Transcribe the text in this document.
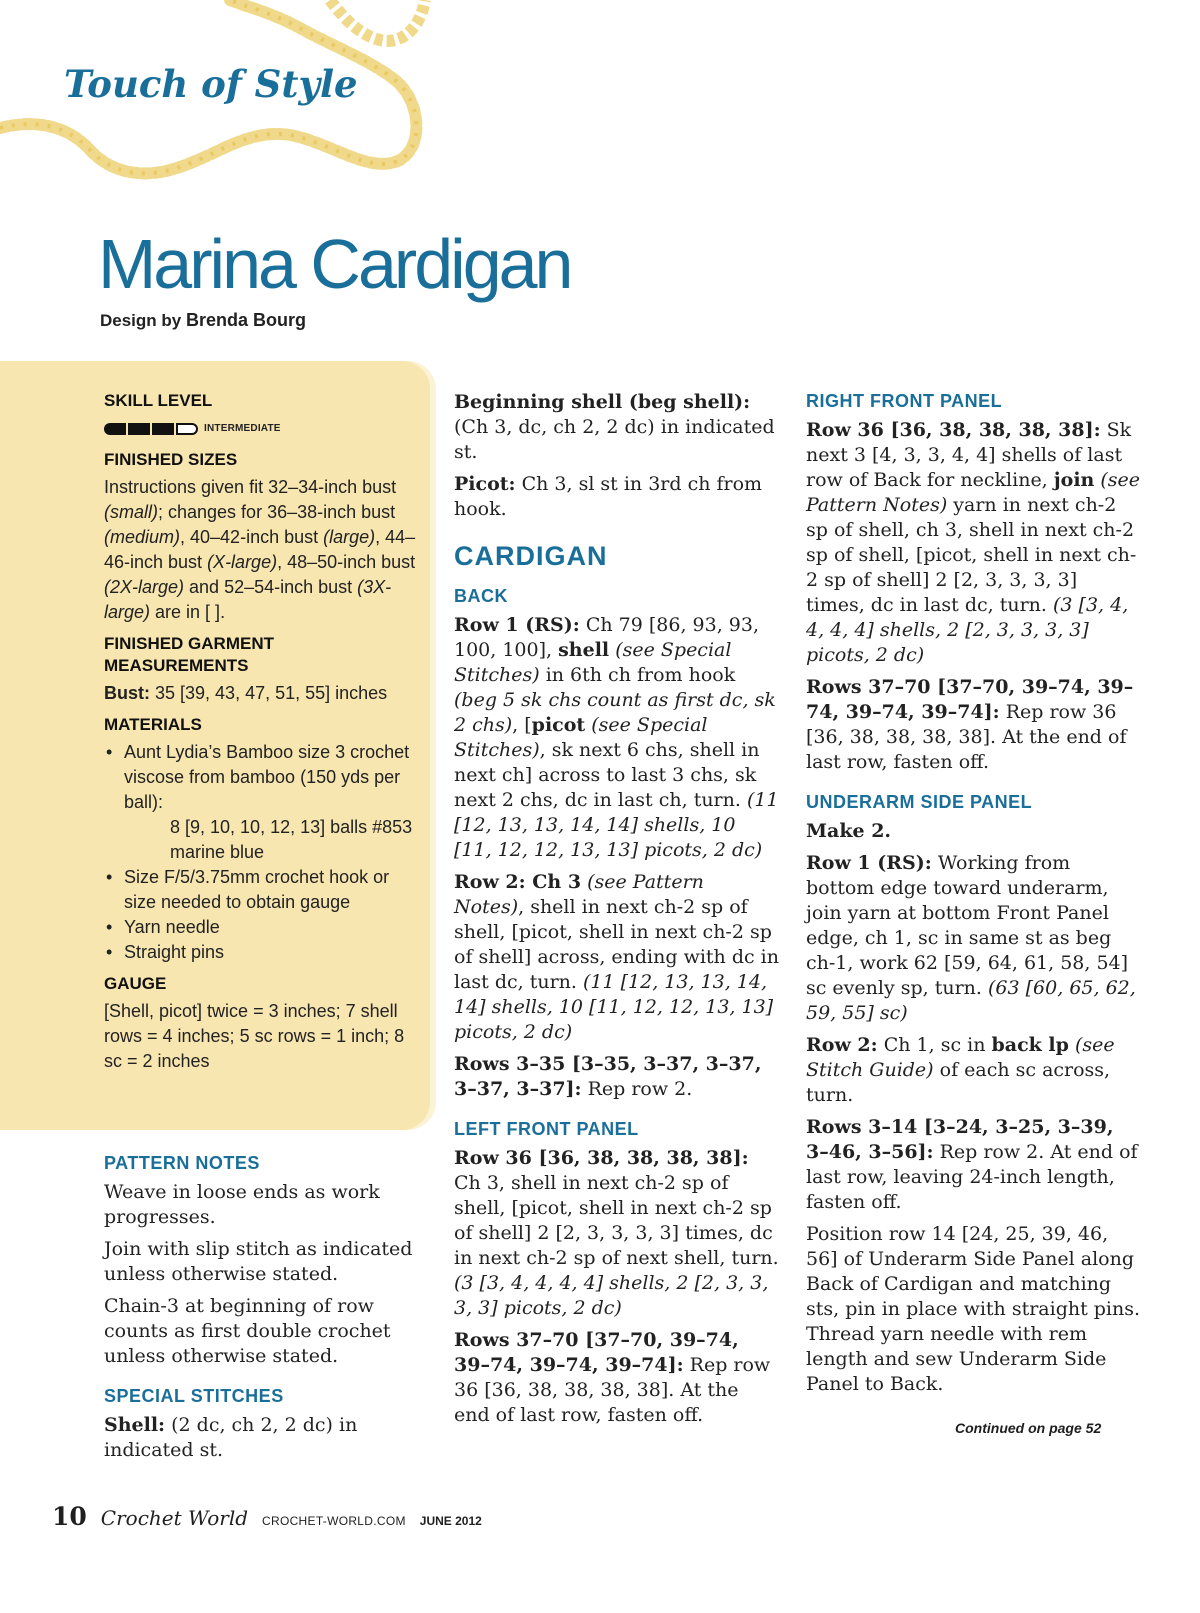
Touch of Style
Marina Cardigan
Design by Brenda Bourg
SKILL LEVEL
INTERMEDIATE
FINISHED SIZES

Instructions given fit 32–34-inch bust (small); changes for 36–38-inch bust (medium), 40–42-inch bust (large), 44–46-inch bust (X-large), 48–50-inch bust (2X-large) and 52–54-inch bust (3X-large) are in [ ].

FINISHED GARMENT
MEASUREMENTS

Bust: 35 [39, 43, 47, 51, 55] inches

MATERIALS
• Aunt Lydia’s Bamboo size 3 crochet viscose from bamboo (150 yds per ball):
8 [9, 10, 10, 12, 13] balls #853 marine blue
• Size F/5/3.75mm crochet hook or size needed to obtain gauge
• Yarn needle
• Straight pins
GAUGE

[Shell, picot] twice = 3 inches; 7 shell rows = 4 inches; 5 sc rows = 1 inch; 8 sc = 2 inches

PATTERN NOTES

Weave in loose ends as work progresses.

Join with slip stitch as indicated unless otherwise stated.

Chain-3 at beginning of row counts as first double crochet unless otherwise stated.

SPECIAL STITCHES

Shell: (2 dc, ch 2, 2 dc) in indicated st.

Beginning shell (beg shell): (Ch 3, dc, ch 2, 2 dc) in indicated st.

Picot: Ch 3, sl st in 3rd ch from hook.

CARDIGAN
BACK

Row 1 (RS): Ch 79 [86, 93, 93, 100, 100], shell (see Special Stitches) in 6th ch from hook (beg 5 sk chs count as first dc, sk 2 chs), [picot (see Special Stitches), sk next 6 chs, shell in next ch] across to last 3 chs, sk next 2 chs, dc in last ch, turn. (11 [12, 13, 13, 14, 14] shells, 10 [11, 12, 12, 13, 13] picots, 2 dc)

Row 2: Ch 3 (see Pattern Notes), shell in next ch-2 sp of shell, [picot, shell in next ch-2 sp of shell] across, ending with dc in last dc, turn. (11 [12, 13, 13, 14, 14] shells, 10 [11, 12, 12, 13, 13] picots, 2 dc)

Rows 3–35 [3–35, 3–37, 3–37, 3–37, 3–37]: Rep row 2.

LEFT FRONT PANEL

Row 36 [36, 38, 38, 38, 38]: Ch 3, shell in next ch-2 sp of shell, [picot, shell in next ch-2 sp of shell] 2 [2, 3, 3, 3, 3] times, dc in next ch-2 sp of next shell, turn. (3 [3, 4, 4, 4, 4] shells, 2 [2, 3, 3, 3, 3] picots, 2 dc)

Rows 37–70 [37–70, 39–74, 39–74, 39–74, 39–74]: Rep row 36 [36, 38, 38, 38, 38]. At the end of last row, fasten off.

RIGHT FRONT PANEL

Row 36 [36, 38, 38, 38, 38]: Sk next 3 [4, 3, 3, 4, 4] shells of last row of Back for neckline, join (see Pattern Notes) yarn in next ch-2 sp of shell, ch 3, shell in next ch-2 sp of shell, [picot, shell in next ch-2 sp of shell] 2 [2, 3, 3, 3, 3] times, dc in last dc, turn. (3 [3, 4, 4, 4, 4] shells, 2 [2, 3, 3, 3, 3] picots, 2 dc)

Rows 37–70 [37–70, 39–74, 39–74, 39–74, 39–74]: Rep row 36 [36, 38, 38, 38, 38]. At the end of last row, fasten off.

UNDERARM SIDE PANEL

Make 2.

Row 1 (RS): Working from bottom edge toward underarm, join yarn at bottom Front Panel edge, ch 1, sc in same st as beg ch-1, work 62 [59, 64, 61, 58, 54] sc evenly sp, turn. (63 [60, 65, 62, 59, 55] sc)

Row 2: Ch 1, sc in back lp (see Stitch Guide) of each sc across, turn.

Rows 3–14 [3–24, 3–25, 3–39, 3–46, 3–56]: Rep row 2. At end of last row, leaving 24-inch length, fasten off.

Position row 14 [24, 25, 39, 46, 56] of Underarm Side Panel along Back of Cardigan and matching sts, pin in place with straight pins. Thread yarn needle with rem length and sew Underarm Side Panel to Back.

Continued on page 52
10 Crochet World CROCHET-WORLD.COM JUNE 2012
